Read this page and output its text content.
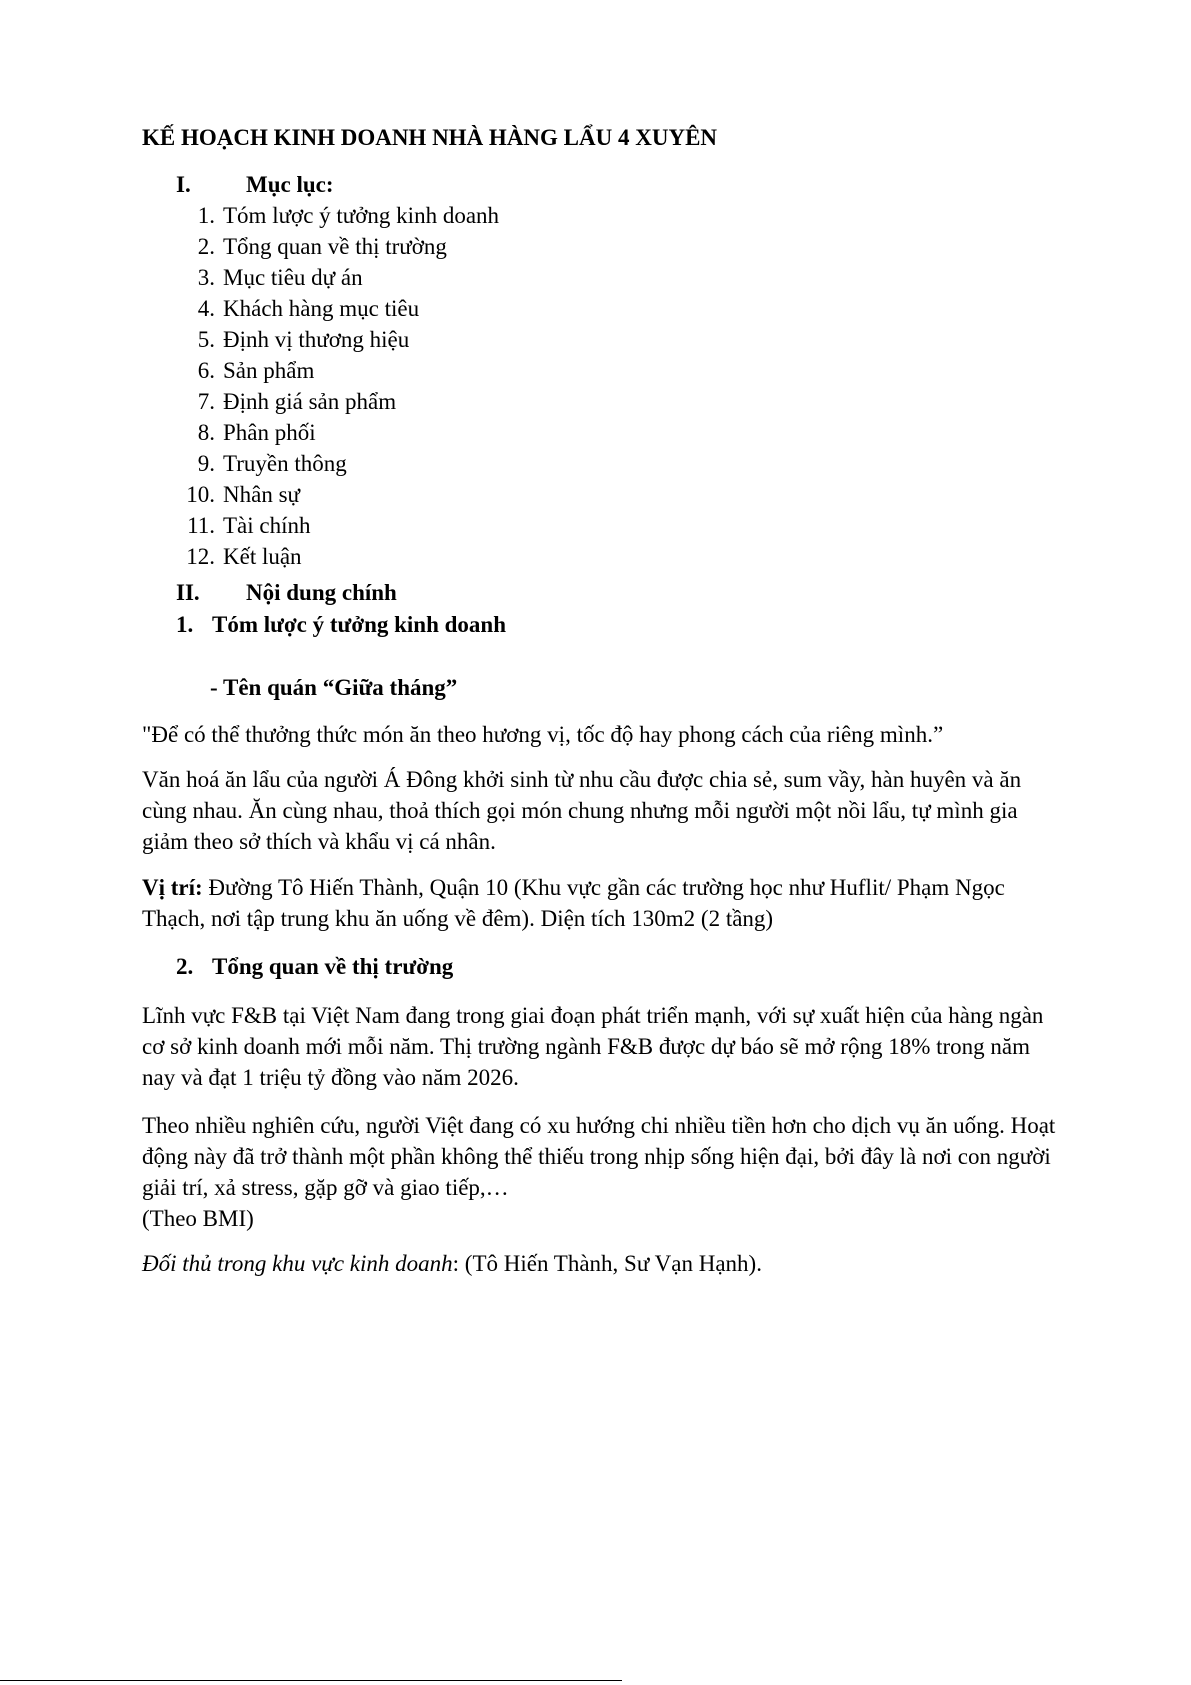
KẾ HOẠCH KINH DOANH NHÀ HÀNG LẨU 4 XUYÊN
I. Mục lục:
1. Tóm lược ý tưởng kinh doanh
2. Tổng quan về thị trường
3. Mục tiêu dự án
4. Khách hàng mục tiêu
5. Định vị thương hiệu
6. Sản phẩm
7. Định giá sản phẩm
8. Phân phối
9. Truyền thông
10. Nhân sự
11. Tài chính
12. Kết luận
II. Nội dung chính
1. Tóm lược ý tưởng kinh doanh
- Tên quán “Giữa tháng”

"Để có thể thưởng thức món ăn theo hương vị, tốc độ hay phong cách của riêng mình.”

Văn hoá ăn lẩu của người Á Đông khởi sinh từ nhu cầu được chia sẻ, sum vầy, hàn huyên và ăn cùng nhau. Ăn cùng nhau, thoả thích gọi món chung nhưng mỗi người một nồi lẩu, tự mình gia giảm theo sở thích và khẩu vị cá nhân.

Vị trí: Đường Tô Hiến Thành, Quận 10 (Khu vực gần các trường học như Huflit/ Phạm Ngọc Thạch, nơi tập trung khu ăn uống về đêm). Diện tích 130m2 (2 tầng)

2. Tổng quan về thị trường

Lĩnh vực F&B tại Việt Nam đang trong giai đoạn phát triển mạnh, với sự xuất hiện của hàng ngàn cơ sở kinh doanh mới mỗi năm. Thị trường ngành F&B được dự báo sẽ mở rộng 18% trong năm nay và đạt 1 triệu tỷ đồng vào năm 2026.

Theo nhiều nghiên cứu, người Việt đang có xu hướng chi nhiều tiền hơn cho dịch vụ ăn uống. Hoạt động này đã trở thành một phần không thể thiếu trong nhịp sống hiện đại, bởi đây là nơi con người giải trí, xả stress, gặp gỡ và giao tiếp,…
(Theo BMI)

Đối thủ trong khu vực kinh doanh: (Tô Hiến Thành, Sư Vạn Hạnh).
